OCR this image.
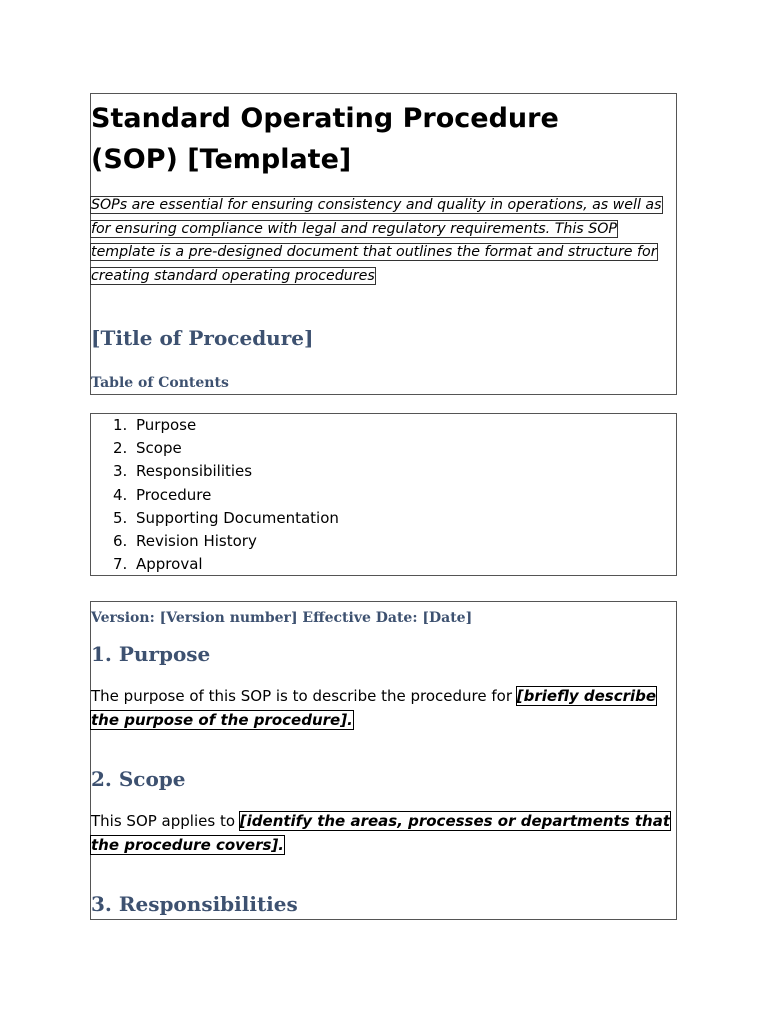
Standard Operating Procedure (SOP) [Template]

SOPs are essential for ensuring consistency and quality in operations, as well as
for ensuring compliance with legal and regulatory requirements. This SOP
template is a pre-designed document that outlines the format and structure for
creating standard operating procedures

[Title of Procedure]
Table of Contents
1. Purpose
2. Scope
3. Responsibilities
4. Procedure
5. Supporting Documentation
6. Revision History
7. Approval

Version: [Version number] Effective Date: [Date]

1. Purpose

The purpose of this SOP is to describe the procedure for [briefly describe the purpose of the procedure].

2. Scope

This SOP applies to [identify the areas, processes or departments that the procedure covers].

3. Responsibilities
